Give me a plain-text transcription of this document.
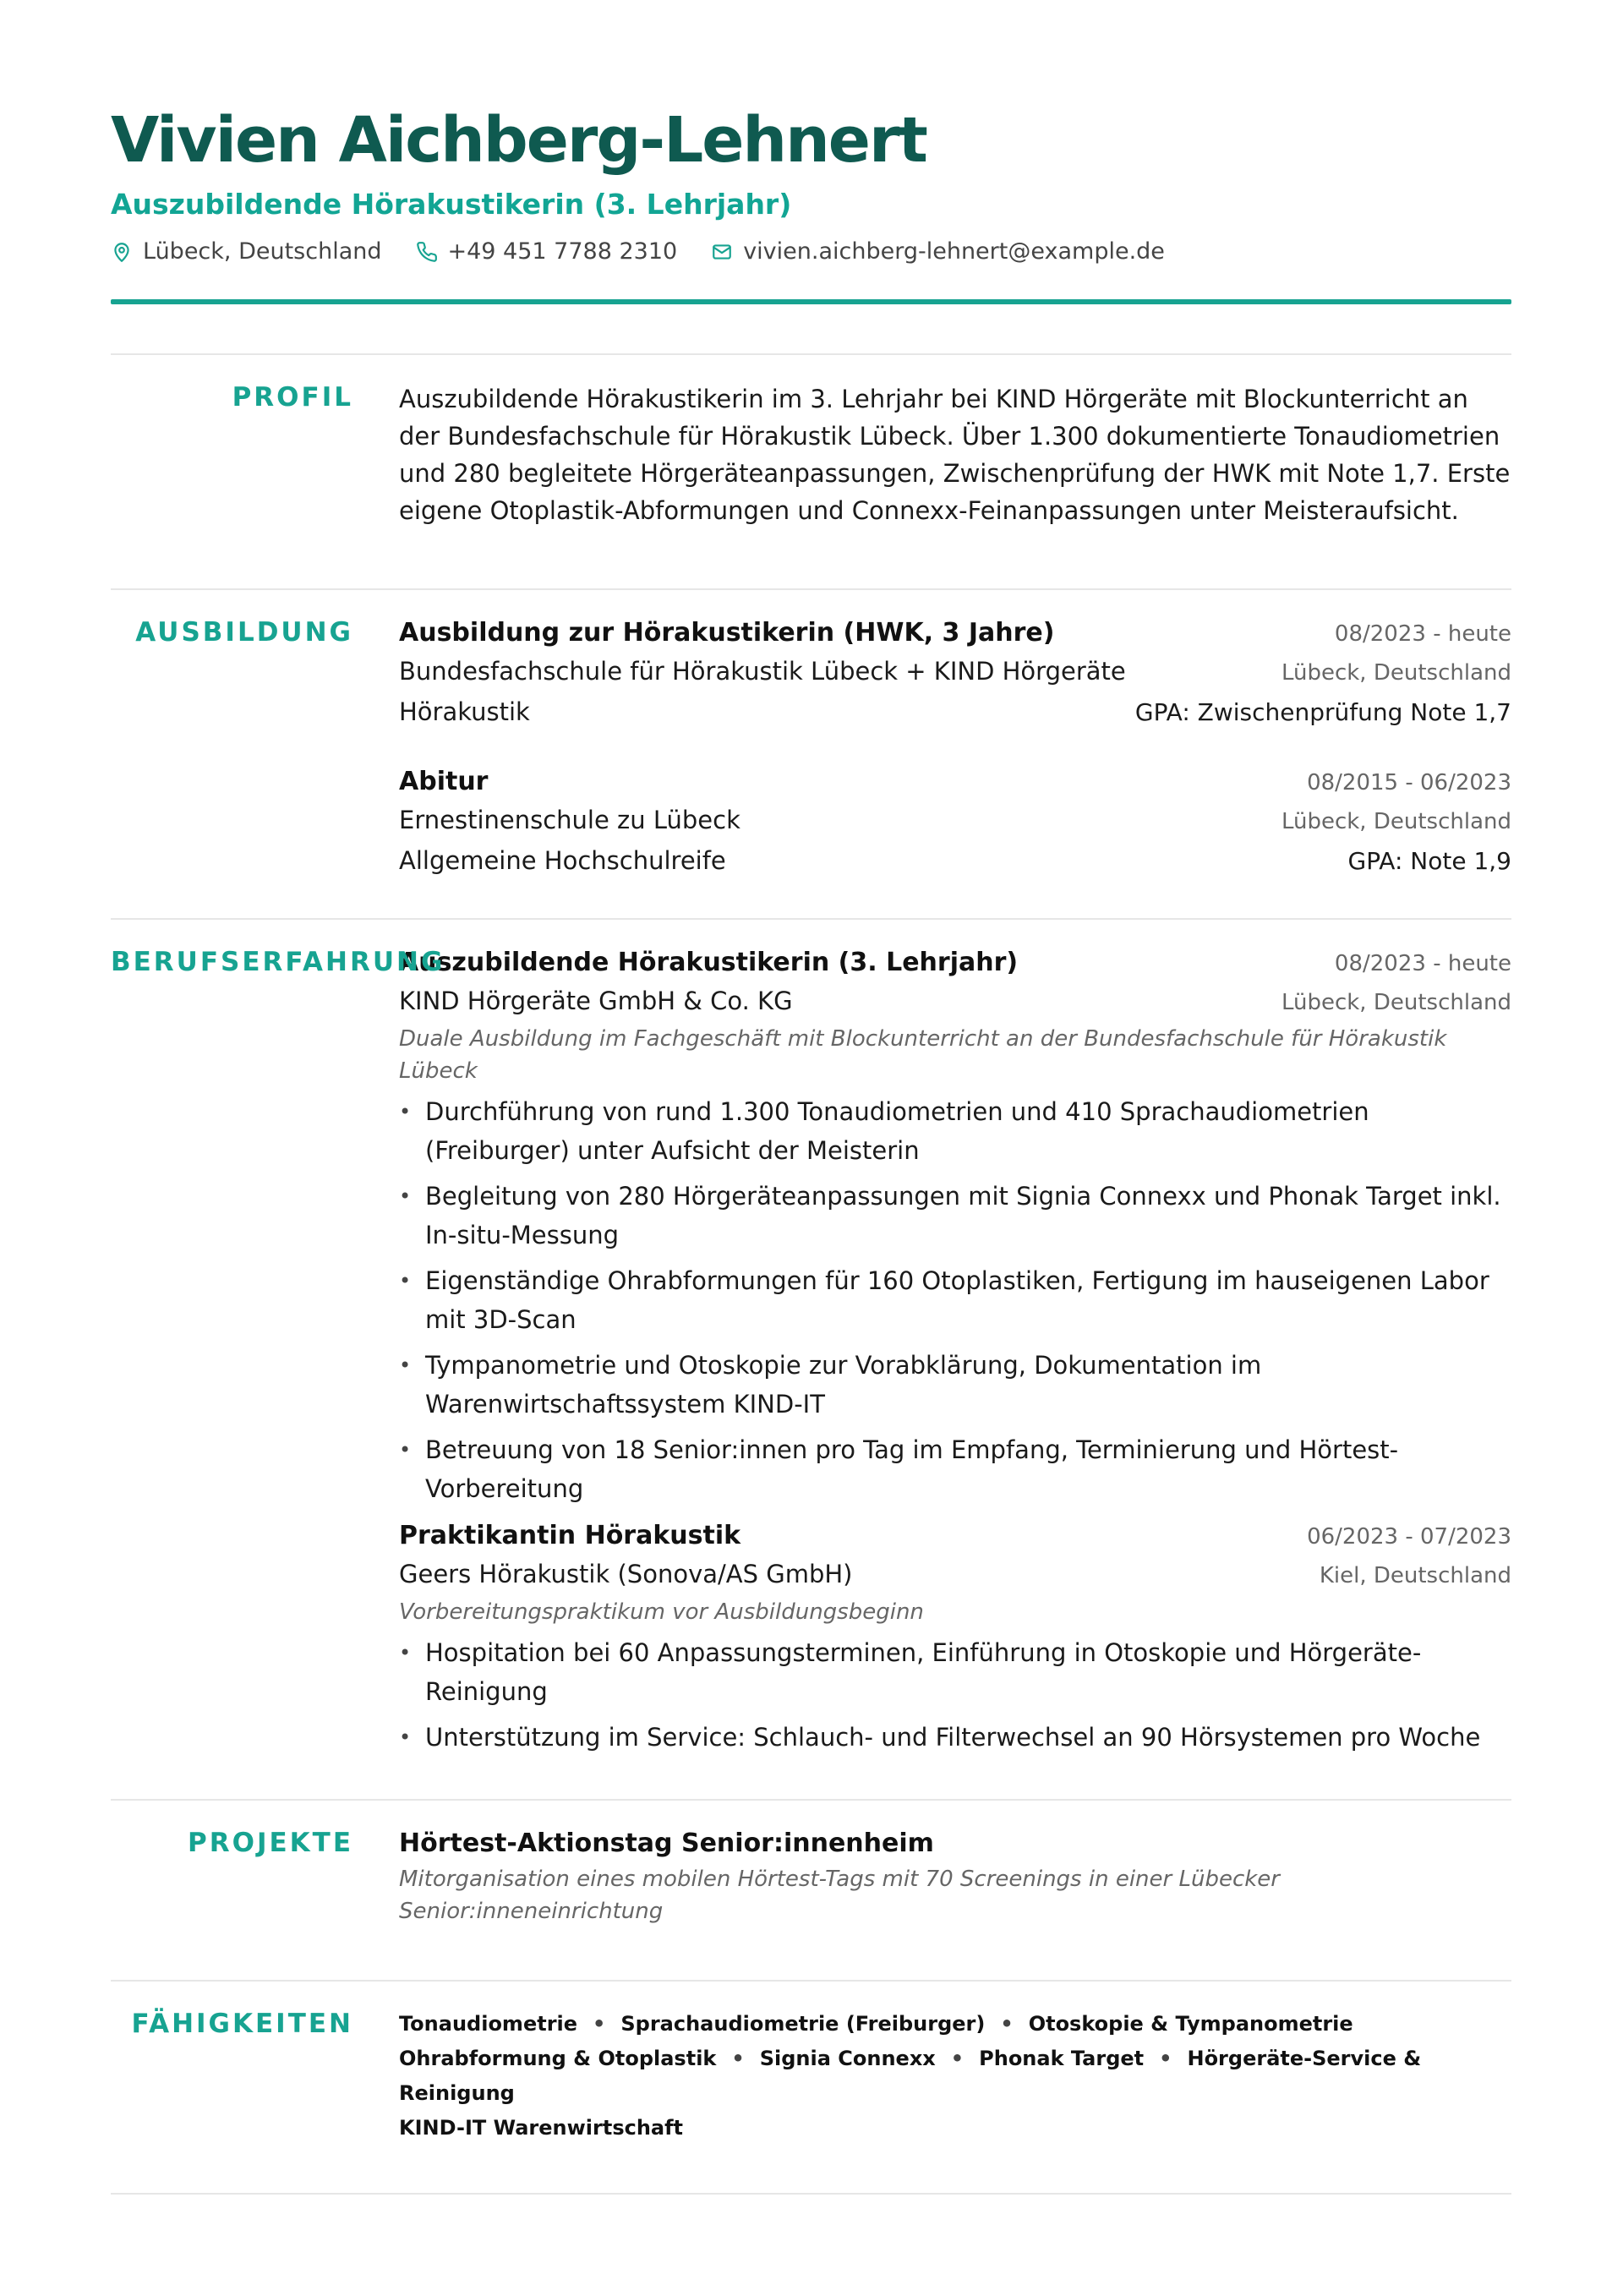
Vivien Aichberg-Lehnert
Auszubildende Hörakustikerin (3. Lehrjahr)
Lübeck, Deutschland	+49 451 7788 2310	vivien.aichberg-lehnert@example.de
PROFIL Auszubildende Hörakustikerin im 3. Lehrjahr bei KIND Hörgeräte mit Blockunterricht an der Bundesfachschule für Hörakustik Lübeck. Über 1.300 dokumentierte Tonaudiometrien und 280 begleitete Hörgeräteanpassungen, Zwischenprüfung der HWK mit Note 1,7. Erste eigene Otoplastik-Abformungen und Connexx-Feinanpassungen unter Meisteraufsicht.

AUSBILDUNG Ausbildung zur Hörakustikerin (HWK, 3 Jahre)	08/2023 - heute
Bundesfachschule für Hörakustik Lübeck + KIND Hörgeräte	Lübeck, Deutschland
Hörakustik	GPA: Zwischenprüfung Note 1,7
Abitur	08/2015 - 06/2023
Ernestinenschule zu Lübeck	Lübeck, Deutschland
Allgemeine Hochschulreife	GPA: Note 1,9
BERUFSERFAHRUNG
Auszubildende Hörakustikerin (3. Lehrjahr)	08/2023 - heute
KIND Hörgeräte GmbH & Co. KG	Lübeck, Deutschland
Duale Ausbildung im Fachgeschäft mit Blockunterricht an der Bundesfachschule für Hörakustik Lübeck
• Durchführung von rund 1.300 Tonaudiometrien und 410 Sprachaudiometrien (Freiburger) unter Aufsicht der Meisterin
• Begleitung von 280 Hörgeräteanpassungen mit Signia Connexx und Phonak Target inkl. In-situ-Messung
• Eigenständige Ohrabformungen für 160 Otoplastiken, Fertigung im hauseigenen Labor mit 3D-Scan
• Tympanometrie und Otoskopie zur Vorabklärung, Dokumentation im Warenwirtschaftssystem KIND-IT
• Betreuung von 18 Senior:innen pro Tag im Empfang, Terminierung und Hörtest-Vorbereitung
Praktikantin Hörakustik	06/2023 - 07/2023
Geers Hörakustik (Sonova/AS GmbH)	Kiel, Deutschland
Vorbereitungspraktikum vor Ausbildungsbeginn
• Hospitation bei 60 Anpassungsterminen, Einführung in Otoskopie und Hörgeräte-Reinigung
• Unterstützung im Service: Schlauch- und Filterwechsel an 90 Hörsystemen pro Woche
PROJEKTE Hörtest-Aktionstag Senior:innenheim
Mitorganisation eines mobilen Hörtest-Tags mit 70 Screenings in einer Lübecker Senior:inneneinrichtung
FÄHIGKEITEN Tonaudiometrie • Sprachaudiometrie (Freiburger) • Otoskopie & Tympanometrie
Ohrabformung & Otoplastik • Signia Connexx • Phonak Target • Hörgeräte-Service & Reinigung
KIND-IT Warenwirtschaft
